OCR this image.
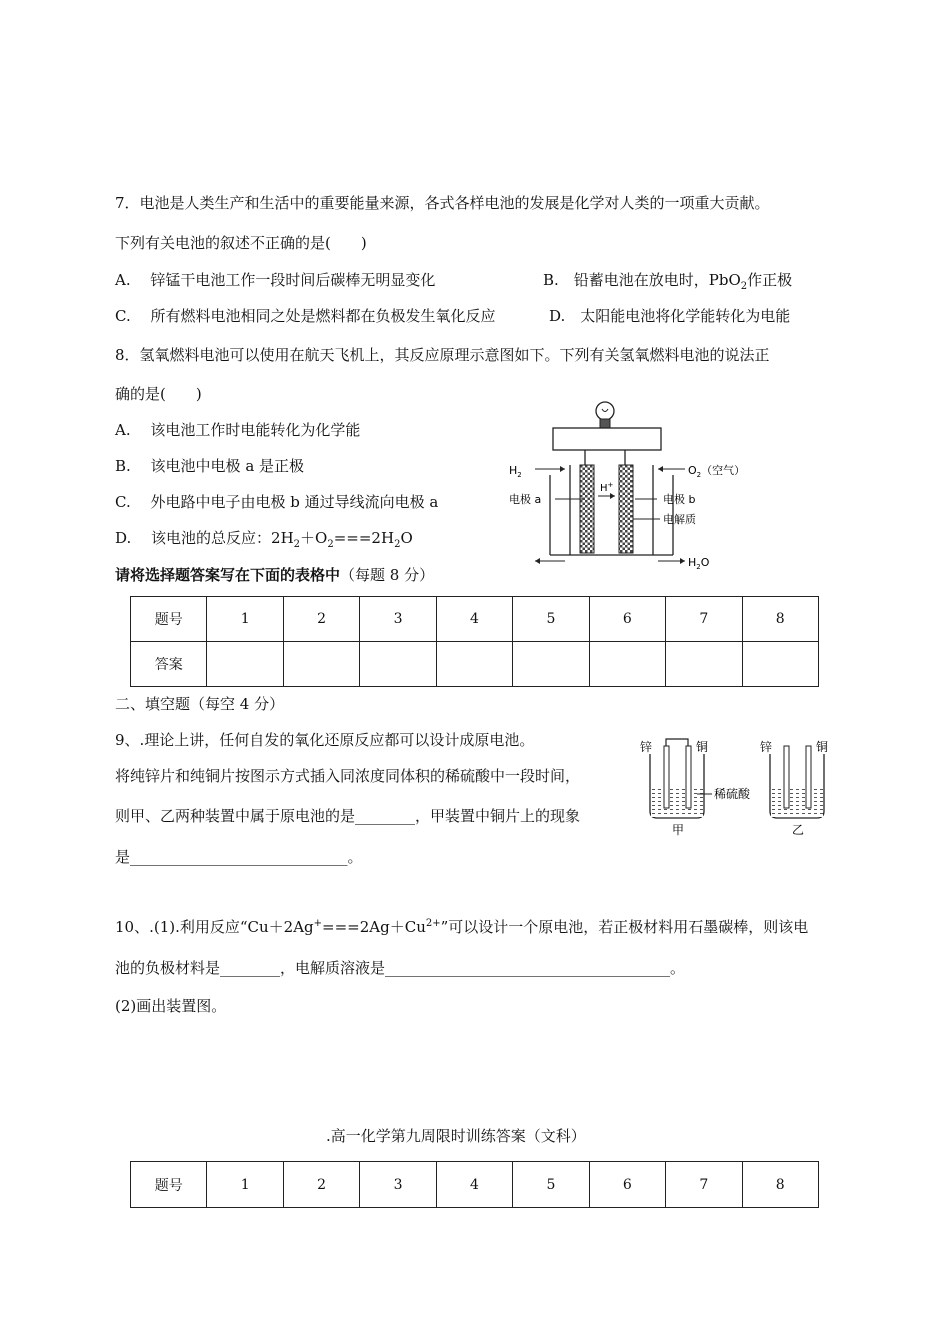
7．电池是人类生产和生活中的重要能量来源，各式各样电池的发展是化学对人类的一项重大贡献。
下列有关电池的叙述不正确的是(　　)
A.　 锌锰干电池工作一段时间后碳棒无明显变化	B.　铅蓄电池在放电时，PbO$_2$作正极
C.　 所有燃料电池相同之处是燃料都在负极发生氧化反应	D.　太阳能电池将化学能转化为电能
8．氢氧燃料电池可以使用在航天飞机上，其反应原理示意图如下。下列有关氢氧燃料电池的说法正
确的是(　　)
A.　 该电池工作时电能转化为化学能
B.　 该电池中电极 a 是正极
C.　 外电路中电子由电极 b 通过导线流向电极 a
D.　 该电池的总反应：$2H_2+O_2===2H_2O$
$H_2$	$O_2$（空气）
H+
电极 a	电极 b
电解质
$H_2O$
请将选择题答案写在下面的表格中（每题 8 分）
题号	1	2	3	4	5	6	7	8
答案								
二、填空题（每空 4 分）
9、.理论上讲，任何自发的氧化还原反应都可以设计成原电池。
将纯锌片和纯铜片按图示方式插入同浓度同体积的稀硫酸中一段时间，
则甲、乙两种装置中属于原电池的是________，甲装置中铜片上的现象
是_____________________________。
锌	铜	锌	铜
稀硫酸
甲	乙
10、.(1).利用反应“$Cu+2Ag^+===2Ag+Cu^{2+}$”可以设计一个原电池，若正极材料用石墨碳棒，则该电
池的负极材料是________，电解质溶液是______________________________________。
(2)画出装置图。
.高一化学第九周限时训练答案（文科）
题号	1	2	3	4	5	6	7	8
